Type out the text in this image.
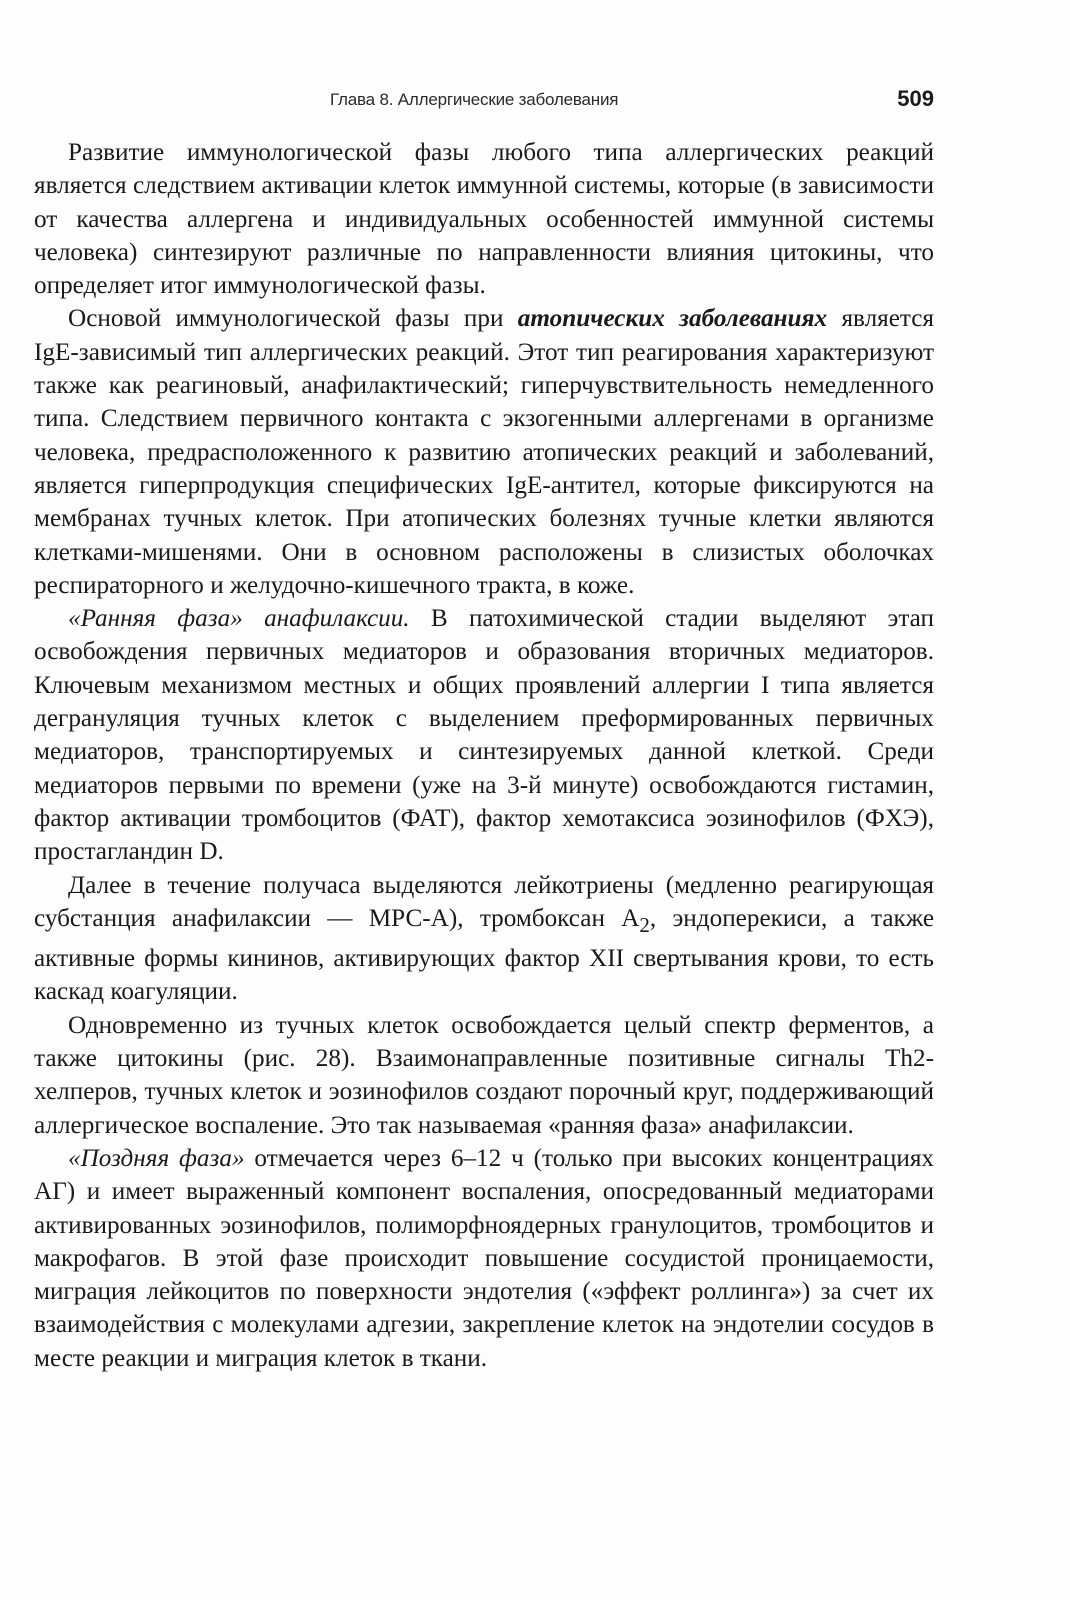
Глава 8. Аллергические заболевания	509

Развитие иммунологической фазы любого типа аллергических реакций является следствием активации клеток иммунной системы, которые (в зависимости от качества аллергена и индивидуальных особенностей иммунной системы человека) синтезируют различные по направленности влияния цитокины, что определяет итог иммунологической фазы.

Основой иммунологической фазы при атопических заболеваниях является IgE-зависимый тип аллергических реакций. Этот тип реагирования характеризуют также как реагиновый, анафилактический; гиперчувствительность немедленного типа. Следствием первичного контакта с экзогенными аллергенами в организме человека, предрасположенного к развитию атопических реакций и заболеваний, является гиперпродукция специфических IgE-антител, которые фиксируются на мембранах тучных клеток. При атопических болезнях тучные клетки являются клетками-мишенями. Они в основном расположены в слизистых оболочках респираторного и желудочно-кишечного тракта, в коже.

«Ранняя фаза» анафилаксии. В патохимической стадии выделяют этап освобождения первичных медиаторов и образования вторичных медиаторов. Ключевым механизмом местных и общих проявлений аллергии I типа является дегрануляция тучных клеток с выделением преформированных первичных медиаторов, транспортируемых и синтезируемых данной клеткой. Среди медиаторов первыми по времени (уже на 3-й минуте) освобождаются гистамин, фактор активации тромбоцитов (ФАТ), фактор хемотаксиса эозинофилов (ФХЭ), простагландин D.

Далее в течение получаса выделяются лейкотриены (медленно реагирующая субстанция анафилаксии — МРС-А), тромбоксан $А_2$, эндоперекиси, а также активные формы кининов, активирующих фактор XII свертывания крови, то есть каскад коагуляции.

Одновременно из тучных клеток освобождается целый спектр ферментов, а также цитокины (рис. 28). Взаимонаправленные позитивные сигналы Th2-хелперов, тучных клеток и эозинофилов создают порочный круг, поддерживающий аллергическое воспаление. Это так называемая «ранняя фаза» анафилаксии.

«Поздняя фаза» отмечается через 6–12 ч (только при высоких концентрациях АГ) и имеет выраженный компонент воспаления, опосредованный медиаторами активированных эозинофилов, полиморфноядерных гранулоцитов, тромбоцитов и макрофагов. В этой фазе происходит повышение сосудистой проницаемости, миграция лейкоцитов по поверхности эндотелия («эффект роллинга») за счет их взаимодействия с молекулами адгезии, закрепление клеток на эндотелии сосудов в месте реакции и миграция клеток в ткани.
